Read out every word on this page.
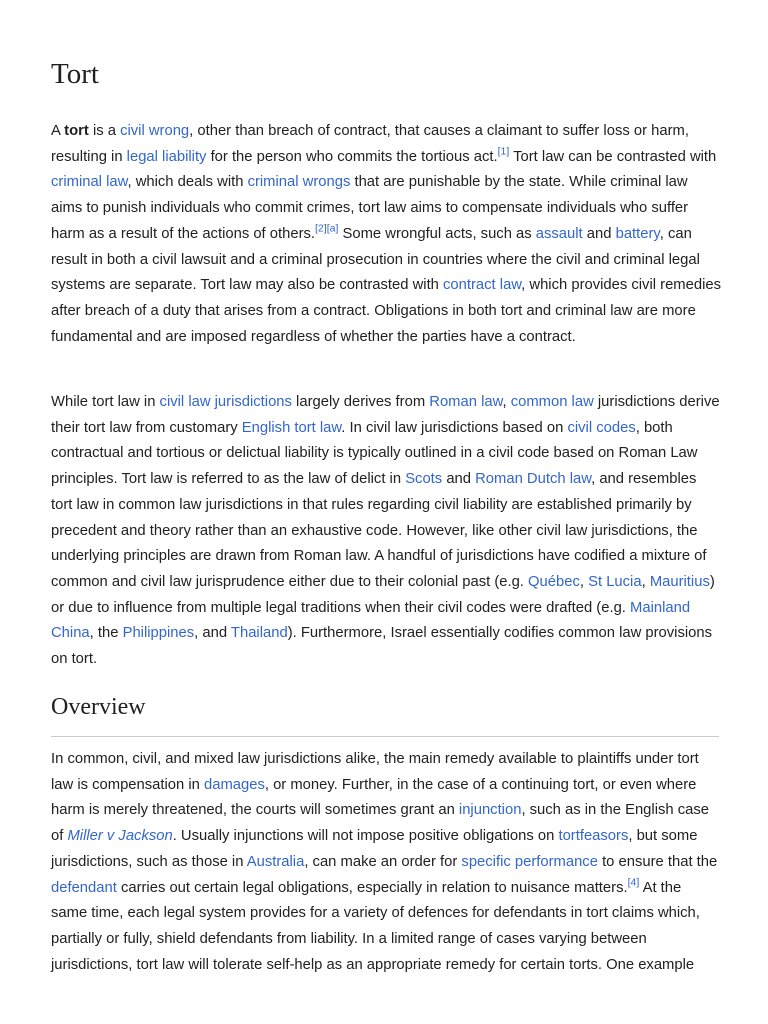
Tort

A tort is a civil wrong, other than breach of contract, that causes a claimant to suffer loss or harm, resulting in legal liability for the person who commits the tortious act.[1] Tort law can be contrasted with criminal law, which deals with criminal wrongs that are punishable by the state. While criminal law aims to punish individuals who commit crimes, tort law aims to compensate individuals who suffer harm as a result of the actions of others.[2][a] Some wrongful acts, such as assault and battery, can result in both a civil lawsuit and a criminal prosecution in countries where the civil and criminal legal systems are separate. Tort law may also be contrasted with contract law, which provides civil remedies after breach of a duty that arises from a contract. Obligations in both tort and criminal law are more fundamental and are imposed regardless of whether the parties have a contract.

While tort law in civil law jurisdictions largely derives from Roman law, common law jurisdictions derive their tort law from customary English tort law. In civil law jurisdictions based on civil codes, both contractual and tortious or delictual liability is typically outlined in a civil code based on Roman Law principles. Tort law is referred to as the law of delict in Scots and Roman Dutch law, and resembles tort law in common law jurisdictions in that rules regarding civil liability are established primarily by precedent and theory rather than an exhaustive code. However, like other civil law jurisdictions, the underlying principles are drawn from Roman law. A handful of jurisdictions have codified a mixture of common and civil law jurisprudence either due to their colonial past (e.g. Québec, St Lucia, Mauritius) or due to influence from multiple legal traditions when their civil codes were drafted (e.g. Mainland China, the Philippines, and Thailand). Furthermore, Israel essentially codifies common law provisions on tort.

Overview

In common, civil, and mixed law jurisdictions alike, the main remedy available to plaintiffs under tort law is compensation in damages, or money. Further, in the case of a continuing tort, or even where harm is merely threatened, the courts will sometimes grant an injunction, such as in the English case of Miller v Jackson. Usually injunctions will not impose positive obligations on tortfeasors, but some jurisdictions, such as those in Australia, can make an order for specific performance to ensure that the defendant carries out certain legal obligations, especially in relation to nuisance matters.[4] At the same time, each legal system provides for a variety of defences for defendants in tort claims which, partially or fully, shield defendants from liability. In a limited range of cases varying between jurisdictions, tort law will tolerate self-help as an appropriate remedy for certain torts. One example
